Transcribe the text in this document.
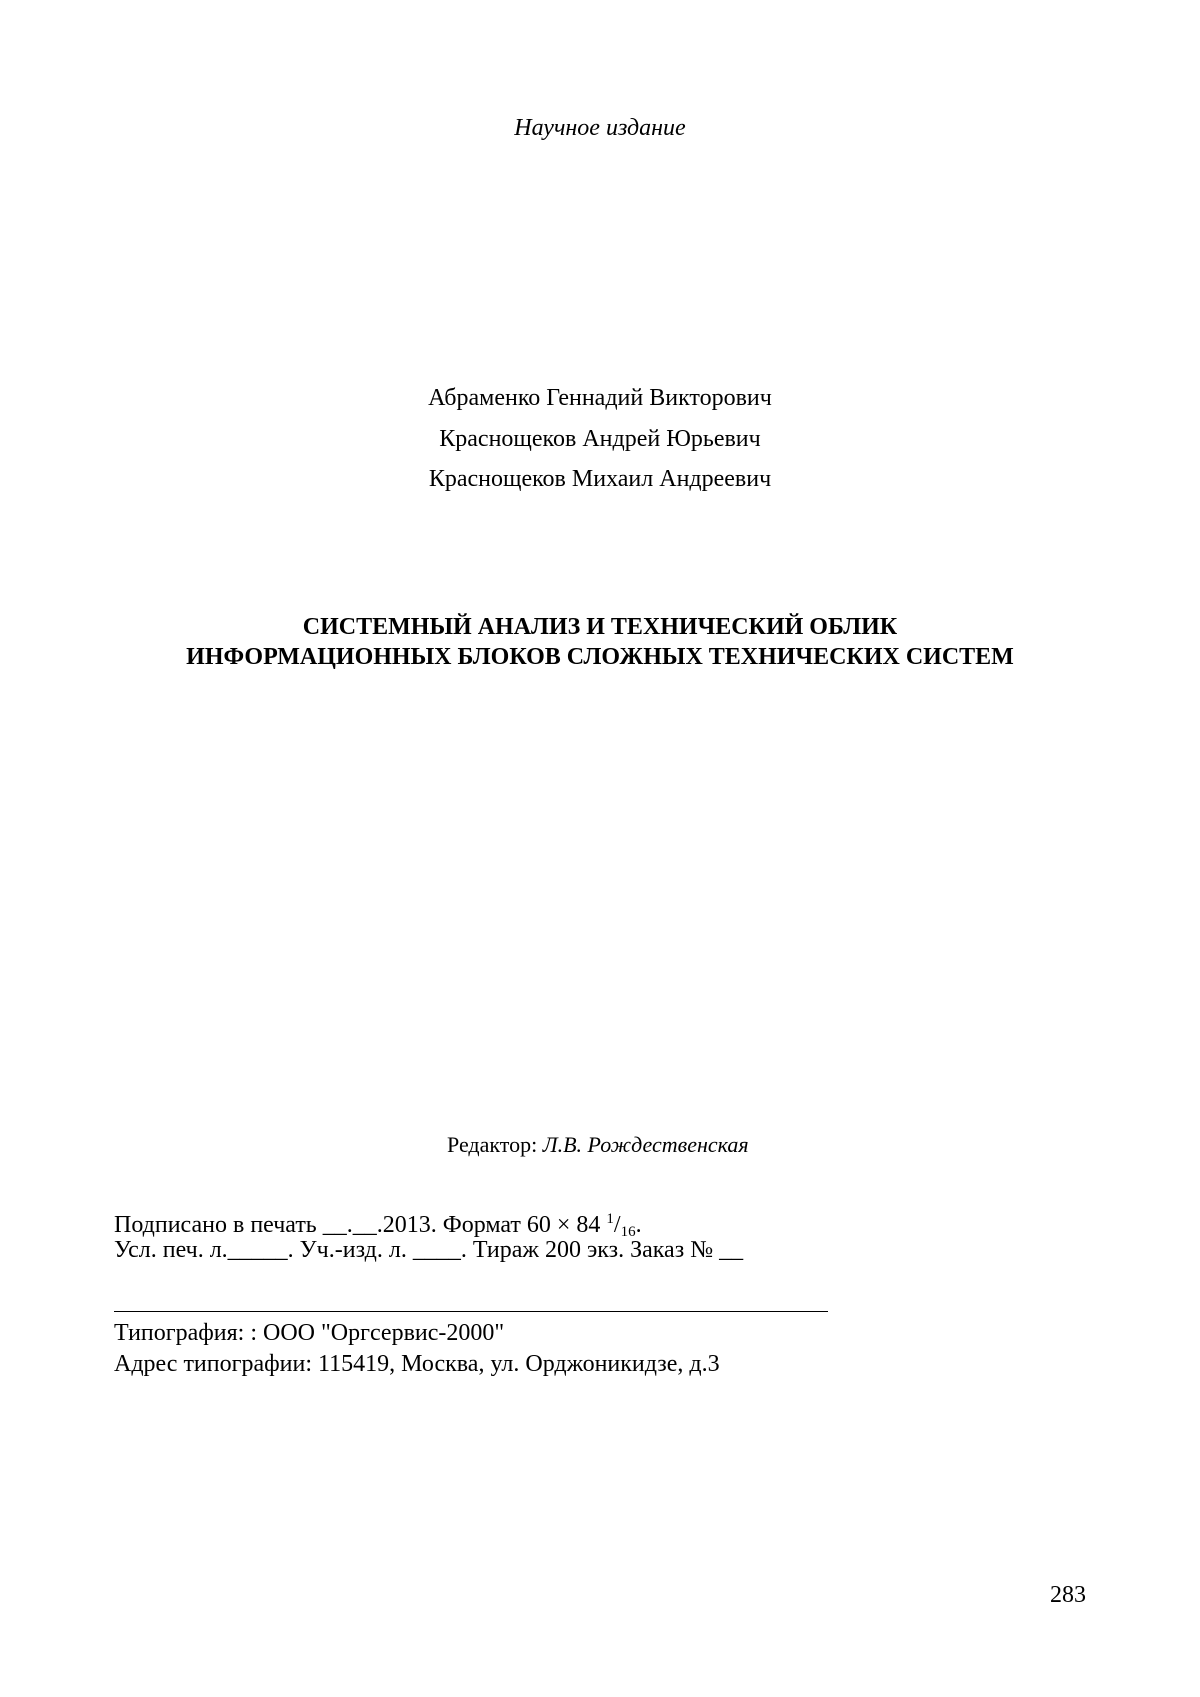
Научное издание
Абраменко Геннадий Викторович
Краснощеков Андрей Юрьевич
Краснощеков Михаил Андреевич
СИСТЕМНЫЙ АНАЛИЗ И ТЕХНИЧЕСКИЙ ОБЛИК
ИНФОРМАЦИОННЫХ БЛОКОВ СЛОЖНЫХ ТЕХНИЧЕСКИХ СИСТЕМ
Редактор: Л.В. Рождественская
Подписано в печать __.__.2013. Формат 60 × 84 $^1$/16.
Усл. печ. л._____. Уч.-изд. л. ____. Тираж 200 экз. Заказ № __
Типография: : ООО "Оргсервис-2000"
Адрес типографии: 115419, Москва, ул. Орджоникидзе, д.3
283
